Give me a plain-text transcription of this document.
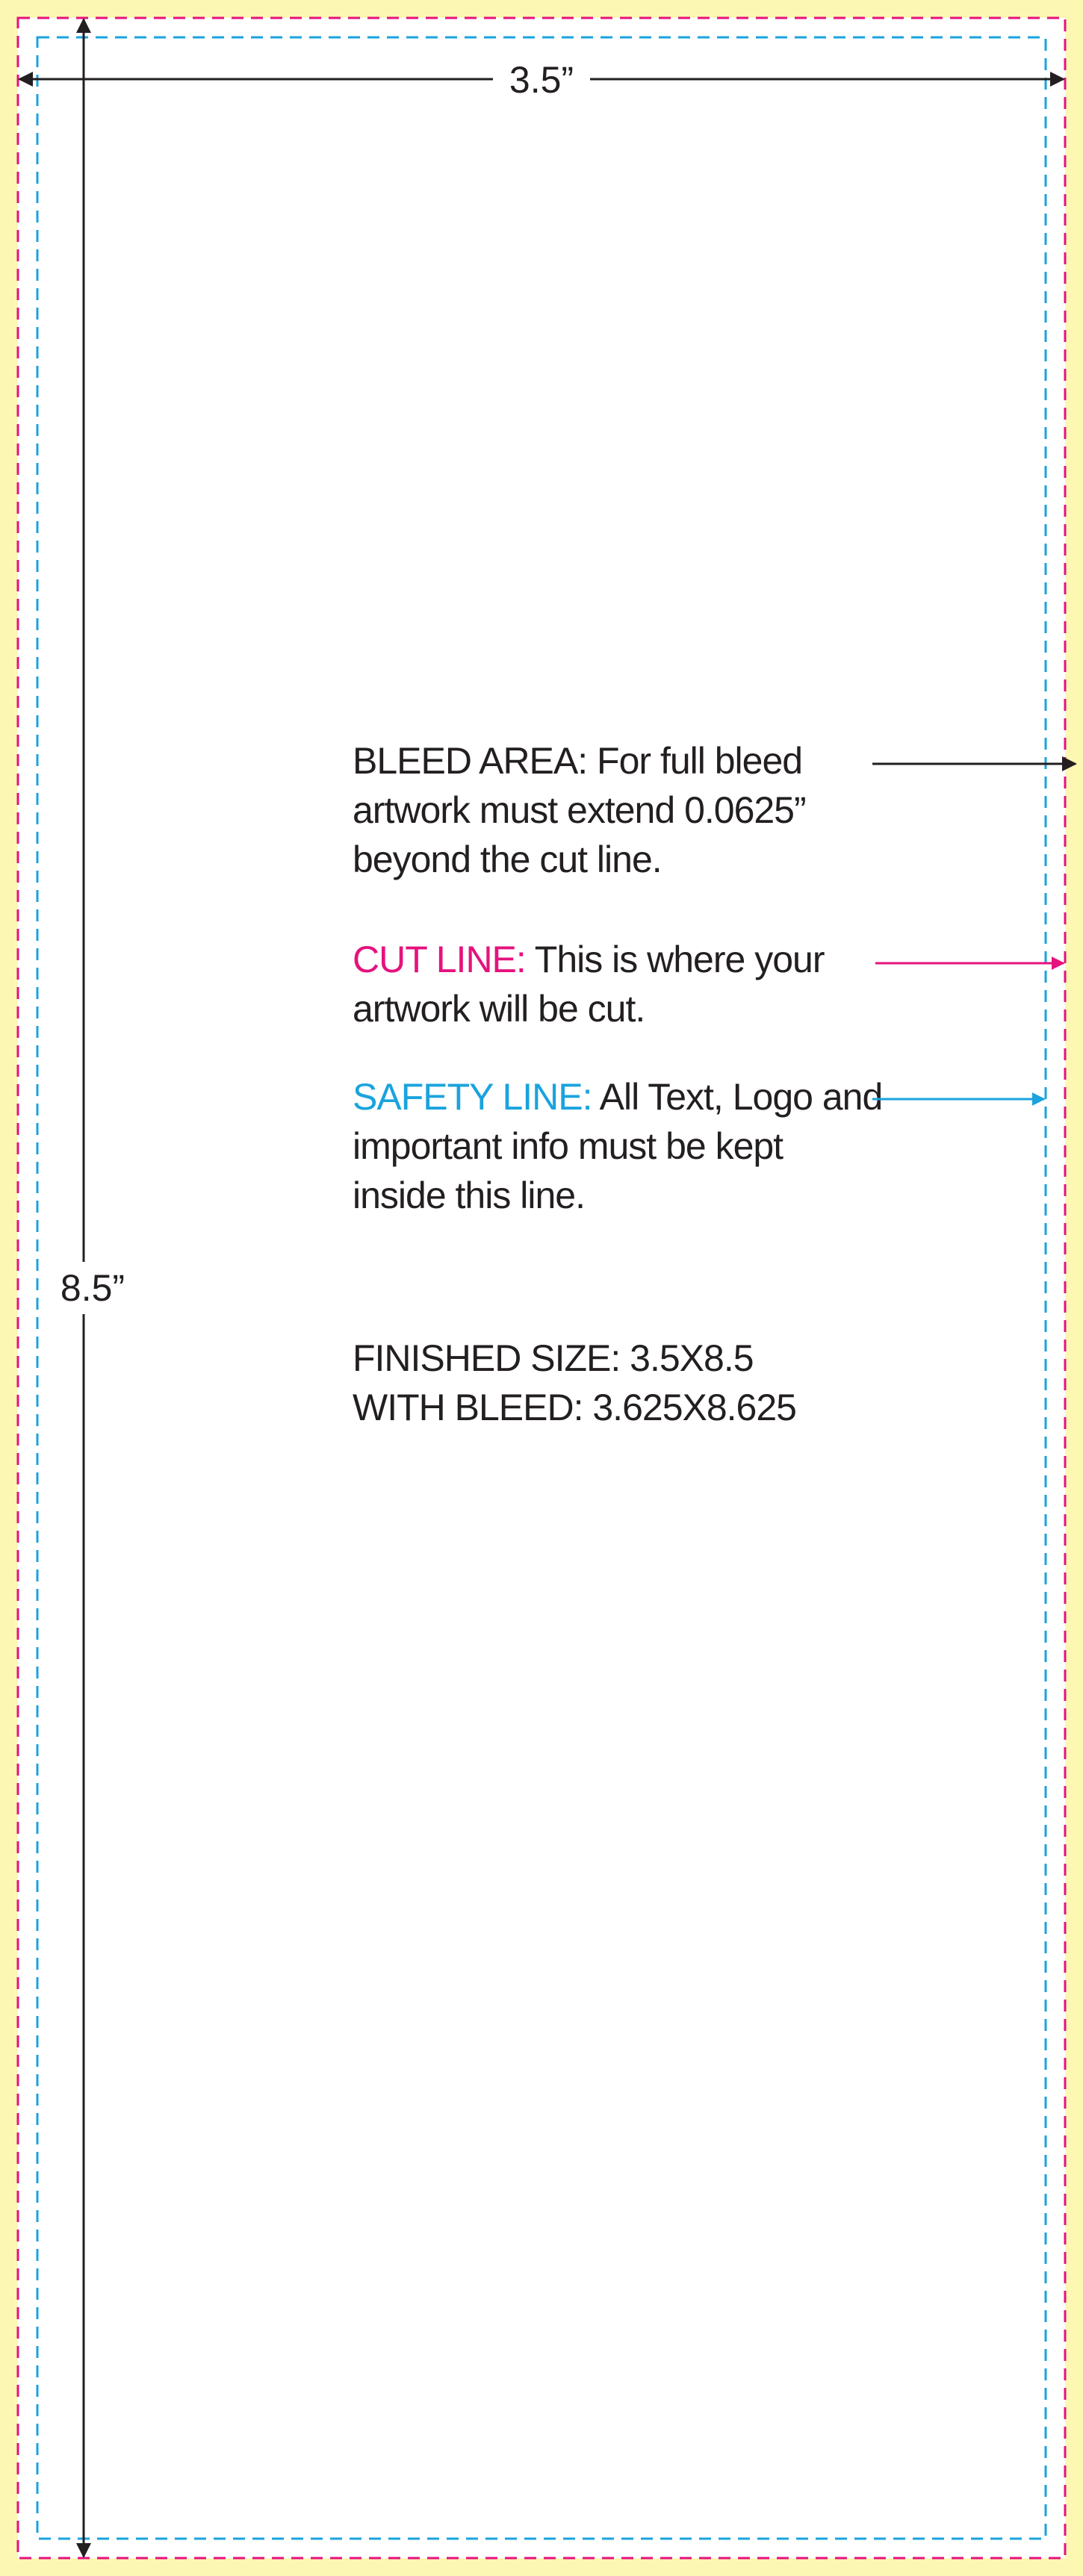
3.5”
8.5”
BLEED AREA: For full bleed
artwork must extend 0.0625”
beyond the cut line.
CUT LINE: This is where your
artwork will be cut.
SAFETY LINE: All Text, Logo and
important info must be kept
inside this line.
FINISHED SIZE: 3.5X8.5
WITH BLEED: 3.625X8.625
